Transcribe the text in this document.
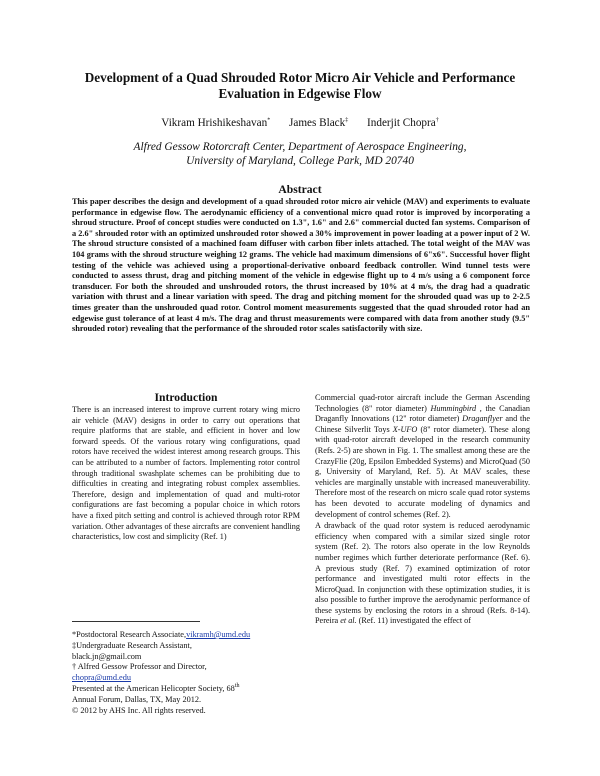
Development of a Quad Shrouded Rotor Micro Air Vehicle and Performance Evaluation in Edgewise Flow
Vikram Hrishikeshavan* James Black‡ Inderjit Chopra†
Alfred Gessow Rotorcraft Center, Department of Aerospace Engineering,
University of Maryland, College Park, MD 20740
Abstract

This paper describes the design and development of a quad shrouded rotor micro air vehicle (MAV) and experiments to evaluate performance in edgewise flow. The aerodynamic efficiency of a conventional micro quad rotor is improved by incorporating a shroud structure. Proof of concept studies were conducted on 1.3", 1.6" and 2.6" commercial ducted fan systems. Comparison of a 2.6" shrouded rotor with an optimized unshrouded rotor showed a 30% improvement in power loading at a power input of 2 W. The shroud structure consisted of a machined foam diffuser with carbon fiber inlets attached. The total weight of the MAV was 104 grams with the shroud structure weighing 12 grams. The vehicle had maximum dimensions of 6"x6". Successful hover flight testing of the vehicle was achieved using a proportional-derivative onboard feedback controller. Wind tunnel tests were conducted to assess thrust, drag and pitching moment of the vehicle in edgewise flight up to 4 m/s using a 6 component force transducer. For both the shrouded and unshrouded rotors, the thrust increased by 10% at 4 m/s, the drag had a quadratic variation with thrust and a linear variation with speed. The drag and pitching moment for the shrouded quad was up to 2-2.5 times greater than the unshrouded quad rotor. Control moment measurements suggested that the quad shrouded rotor had an edgewise gust tolerance of at least 4 m/s. The drag and thrust measurements were compared with data from another study (9.5" shrouded rotor) revealing that the performance of the shrouded rotor scales satisfactorily with size.

Introduction

There is an increased interest to improve current rotary wing micro air vehicle (MAV) designs in order to carry out operations that require platforms that are stable, and efficient in hover and low forward speeds. Of the various rotary wing configurations, quad rotors have received the widest interest among research groups. This can be attributed to a number of factors. Implementing rotor control through traditional swashplate schemes can be prohibiting due to difficulties in creating and integrating robust complex assemblies. Therefore, design and implementation of quad and multi-rotor configurations are fast becoming a popular choice in which rotors have a fixed pitch setting and control is achieved through rotor RPM variation. Other advantages of these aircrafts are convenient handling characteristics, low cost and simplicity (Ref. 1)

Commercial quad-rotor aircraft include the German Ascending Technologies (8" rotor diameter) Hummingbird , the Canadian Draganfly Innovations (12" rotor diameter) Draganflyer and the Chinese Silverlit Toys X-UFO (8" rotor diameter). These along with quad-rotor aircraft developed in the research community (Refs. 2-5) are shown in Fig. 1. The smallest among these are the CrazyFlie (20g, Epsilon Embedded Systems) and MicroQuad (50 g, University of Maryland, Ref. 5). At MAV scales, these vehicles are marginally unstable with increased maneuverability. Therefore most of the research on micro scale quad rotor systems has been devoted to accurate modeling of dynamics and development of control schemes (Ref. 2).

A drawback of the quad rotor system is reduced aerodynamic efficiency when compared with a similar sized single rotor system (Ref. 2). The rotors also operate in the low Reynolds number regimes which further deteriorate performance (Ref. 6). A previous study (Ref. 7) examined optimization of rotor performance and investigated multi rotor effects in the MicroQuad. In conjunction with these optimization studies, it is also possible to further improve the aerodynamic performance of these systems by enclosing the rotors in a shroud (Refs. 8-14). Pereira et al. (Ref. 11) investigated the effect of

*Postdoctoral Research Associate,vikramh@umd.edu
‡Undergraduate Research Assistant,
black.jn@gmail.com
† Alfred Gessow Professor and Director,
chopra@umd.edu
Presented at the American Helicopter Society, 68th
Annual Forum, Dallas, TX, May 2012.
© 2012 by AHS Inc. All rights reserved.
